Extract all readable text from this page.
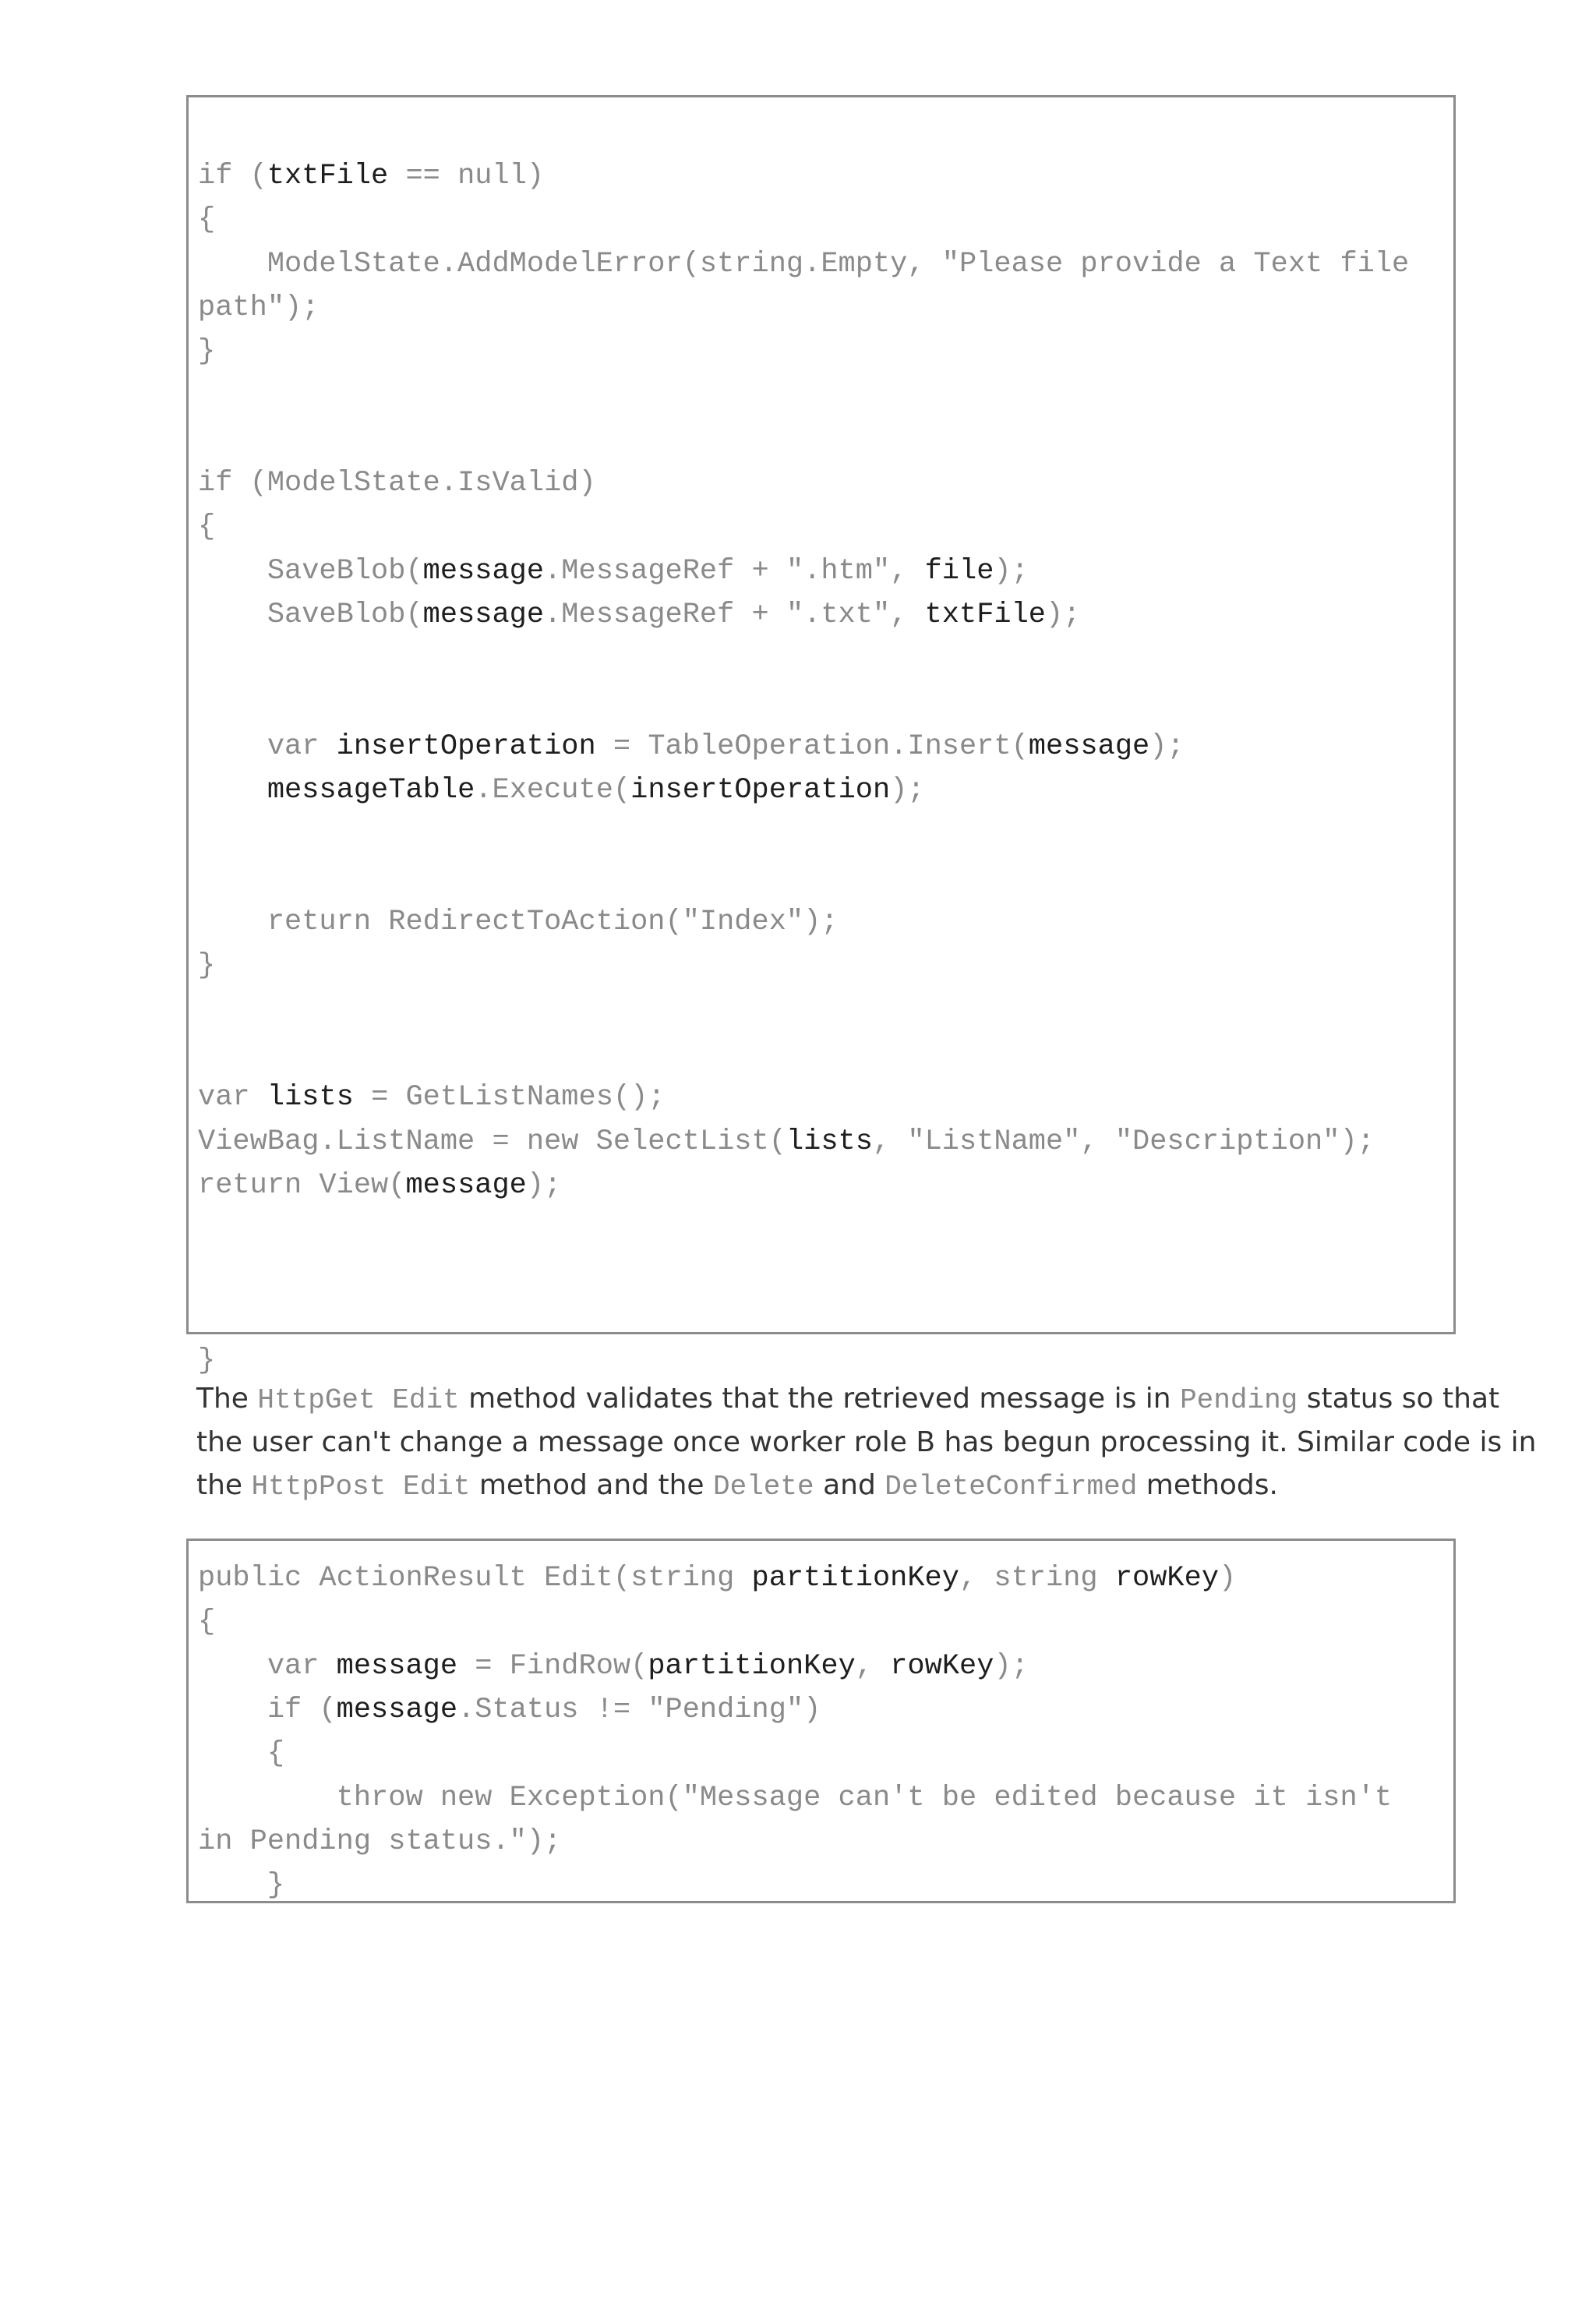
if (txtFile == null)
{
ModelState.AddModelError(string.Empty, "Please provide a Text file
path");
}
if (ModelState.IsValid)
{
SaveBlob(message.MessageRef + ".htm", file);
SaveBlob(message.MessageRef + ".txt", txtFile);
var insertOperation = TableOperation.Insert(message);
messageTable.Execute(insertOperation);
return RedirectToAction("Index");
}
var lists = GetListNames();
ViewBag.ListName = new SelectList(lists, "ListName", "Description");
return View(message);
}
The HttpGet Edit method validates that the retrieved message is in Pending status so that
the user can't change a message once worker role B has begun processing it. Similar code is in
the HttpPost Edit method and the Delete and DeleteConfirmed methods.
public ActionResult Edit(string partitionKey, string rowKey)
{
var message = FindRow(partitionKey, rowKey);
if (message.Status != "Pending")
{
throw new Exception("Message can't be edited because it isn't
in Pending status.");
}
